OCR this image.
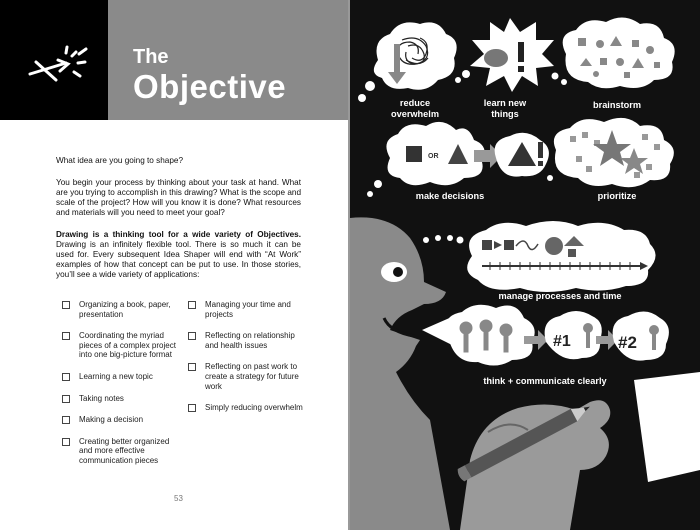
The
Objective

What idea are you going to shape?

You begin your process by thinking about your task at hand. What are you trying to accomplish in this drawing? What is the scope and scale of the project? How will you know it is done? What resources and materials will you need to meet your goal?

Drawing is a thinking tool for a wide variety of Objectives. Drawing is an infinitely flexible tool. There is so much it can be used for. Every subsequent Idea Shaper will end with “At Work” examples of how that concept can be put to use. In those stories, you’ll see a wide variety of applications:

Organizing a book, paper, presentation
Coordinating the myriad pieces of a complex project into one big-picture format
Learning a new topic
Taking notes
Making a decision
Creating better organized and more effective communication pieces
Managing your time and projects
Reflecting on relationship and health issues
Reflecting on past work to create a strategy for future work
Simply reducing overwhelm
53
OR
#1	#2
reduce overwhelm
learn new things
brainstorm
make decisions	prioritize
manage processes and time
think + communicate clearly
